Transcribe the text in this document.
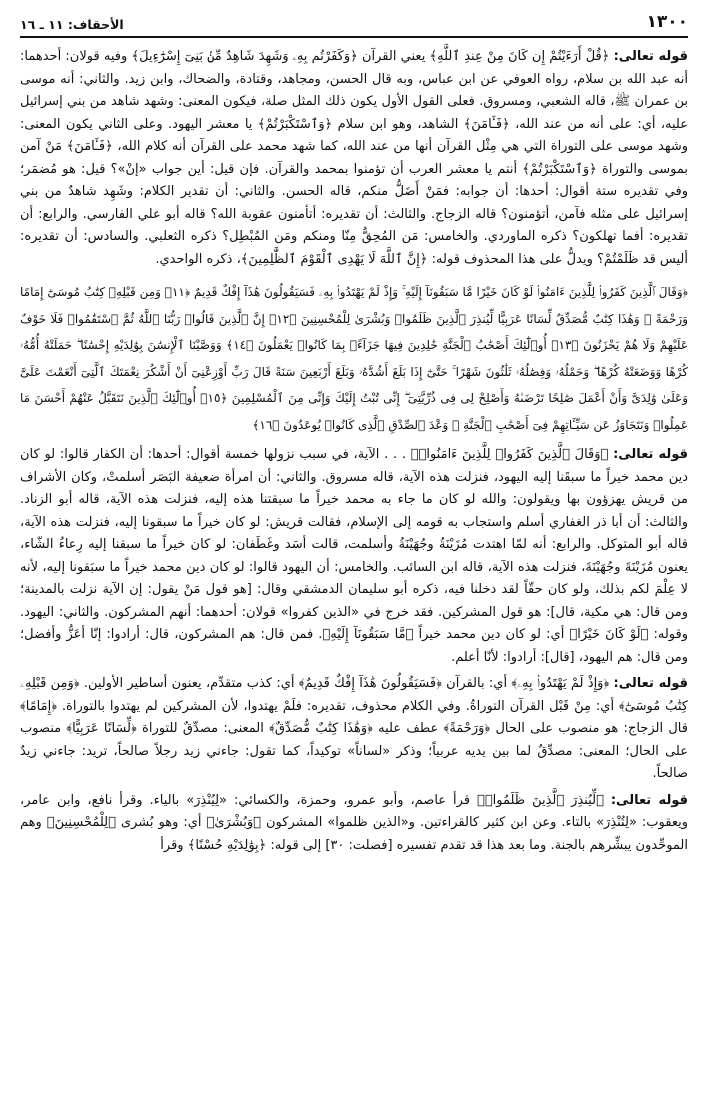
١٣٠٠
الأحقاف: ١١ ـ ١٦

قوله تعالى: ﴿قُلْ أَرَءَيْتُمْ إِن كَانَ مِنْ عِندِ ٱللَّهِ﴾ يعني القرآن ﴿وَكَفَرْتُم بِهِۦ وَشَهِدَ شَاهِدٌ مِّنۢ بَنِىٓ إِسْرَٰٓءِيلَ﴾ وفيه قولان: أحدهما: أنه عبد الله بن سلام، رواه العوفي عن ابن عباس، وبه قال الحسن، ومجاهد، وقتادة، والضحاك، وابن زيد. والثاني: أنه موسى بن عمران ﷺ، قاله الشعبي، ومسروق. فعلى القول الأول يكون ذلك المثل صلة، فيكون المعنى: وشهد شاهد من بني إسرائيل عليه، أي: على أنه من عند الله، ﴿فَـَٔامَنَ﴾ الشاهد، وهو ابن سلام ﴿وَٱسْتَكْبَرْتُمْ﴾ يا معشر اليهود. وعلى الثاني يكون المعنى: وشهد موسى على التوراة التي هي مِثْل القرآن أنها من عند الله، كما شهد محمد على القرآن أنه كلام الله، ﴿فَـَٔامَنَ﴾ مَنْ آمن بموسى والتوراة ﴿وَٱسْتَكْبَرْتُمْ﴾ أنتم يا معشر العرب أن تؤمنوا بمحمد والقرآن. فإن قيل: أين جواب «إنْ»؟ قيل: هو مُضمَر؛ وفي تقديره ستة أقوال: أحدها: أن جوابه: فمَنْ أَضَلُّ منكم، قاله الحسن. والثاني: أن تقدير الكلام: وشَهِد شاهدٌ من بني إسرائيل على مثله فآمن، أتؤمنون؟ قاله الزجاج. والثالث: أن تقديره: أتأمنون عقوبة الله؟ قاله أبو علي الفارسي. والرابع: أن تقديره: أفما تهلكون؟ ذكره الماوردي. والخامس: مَن المُحِقُّ مِنّا ومنكم ومَن المُبْطِل؟ ذكره الثعلبي. والسادس: أن تقديره: أليس قد ظَلَمْتُمْ؟ ويدلُّ على هذا المحذوف قوله: ﴿إِنَّ ٱللَّهَ لَا يَهْدِى ٱلْقَوْمَ ٱلظَّٰلِمِينَ﴾، ذكره الواحدي.

﴿وَقَالَ ٱلَّذِينَ كَفَرُوا۟ لِلَّذِينَ ءَامَنُوا۟ لَوْ كَانَ خَيْرًا مَّا سَبَقُونَآ إِلَيْهِ ۚ وَإِذْ لَمْ يَهْتَدُوا۟ بِهِۦ فَسَيَقُولُونَ هَٰذَآ إِفْكٌ قَدِيمٌ ﴿١١﴾ وَمِن قَبْلِهِۦ كِتَٰبُ مُوسَىٰٓ إِمَامًا وَرَحْمَةً ۚ وَهَٰذَا كِتَٰبٌ مُّصَدِّقٌ لِّسَانًا عَرَبِيًّا لِّيُنذِرَ ٱلَّذِينَ ظَلَمُوا۟ وَبُشْرَىٰ لِلْمُحْسِنِينَ ﴿١٢﴾ إِنَّ ٱلَّذِينَ قَالُوا۟ رَبُّنَا ٱللَّهُ ثُمَّ ٱسْتَقَٰمُوا۟ فَلَا خَوْفٌ عَلَيْهِمْ وَلَا هُمْ يَحْزَنُونَ ﴿١٣﴾ أُو۟لَٰٓئِكَ أَصْحَٰبُ ٱلْجَنَّةِ خَٰلِدِينَ فِيهَا جَزَآءًۢ بِمَا كَانُوا۟ يَعْمَلُونَ ﴿١٤﴾ وَوَصَّيْنَا ٱلْإِنسَٰنَ بِوَٰلِدَيْهِ إِحْسَٰنًا ۖ حَمَلَتْهُ أُمُّهُۥ كُرْهًا وَوَضَعَتْهُ كُرْهًا ۖ وَحَمْلُهُۥ وَفِصَٰلُهُۥ ثَلَٰثُونَ شَهْرًا ۚ حَتَّىٰٓ إِذَا بَلَغَ أَشُدَّهُۥ وَبَلَغَ أَرْبَعِينَ سَنَةً قَالَ رَبِّ أَوْزِعْنِىٓ أَنْ أَشْكُرَ نِعْمَتَكَ ٱلَّتِىٓ أَنْعَمْتَ عَلَىَّ وَعَلَىٰ وَٰلِدَىَّ وَأَنْ أَعْمَلَ صَٰلِحًا تَرْضَىٰهُ وَأَصْلِحْ لِى فِى ذُرِّيَّتِىٓ ۖ إِنِّى تُبْتُ إِلَيْكَ وَإِنِّى مِنَ ٱلْمُسْلِمِينَ ﴿١٥﴾ أُو۟لَٰٓئِكَ ٱلَّذِينَ نَتَقَبَّلُ عَنْهُمْ أَحْسَنَ مَا عَمِلُوا۟ وَنَتَجَاوَزُ عَن سَيِّـَٔاتِهِمْ فِىٓ أَصْحَٰبِ ٱلْجَنَّةِ ۖ وَعْدَ ٱلصِّدْقِ ٱلَّذِى كَانُوا۟ يُوعَدُونَ ﴿١٦﴾

قوله تعالى: ﴿وَقَالَ ٱلَّذِينَ كَفَرُوا۟ لِلَّذِينَ ءَامَنُوا۟﴾ . . . الآية، في سبب نزولها خمسة أقوال: أحدها: أن الكفار قالوا: لو كان دين محمد خيراً ما سبقَنا إليه اليهود، فنزلت هذه الآية، قاله مسروق. والثاني: أن امرأة ضعيفة البَصَر أسلمتْ، وكان الأشراف من قريش يهزؤون بها ويقولون: والله لو كان ما جاء به محمد خيراً ما سبقتنا هذه إليه، فنزلت هذه الآية، قاله أبو الزناد. والثالث: أن أبا ذر الغفاري أسلم واستجاب به قومه إلى الإسلام، فقالت قريش: لو كان خيراً ما سبقونا إليه، فنزلت هذه الآية، قاله أبو المتوكل. والرابع: أنه لمّا اهتدت مُزَيْنَةُ وجُهَيْنَةُ وأسلمت، قالت أسَد وغَطَفان: لو كان خيراً ما سبقنا إليه رِعاءُ الشّاء، يعنون مُزَيْنَةَ وجُهَيْنَةَ، فنزلت هذه الآية، قاله ابن السائب. والخامس: أن اليهود قالوا: لو كان دين محمد خيراً ما سبَقونا إليه، لأنه لا عِلْمَ لكم بذلك، ولو كان حقّاً لقد دخلنا فيه، ذكره أبو سليمان الدمشقي وقال: [هو قول مَنْ يقول: إن الآية نزلت بالمدينة؛ ومن قال: هي مكية، قال]: هو قول المشركين. فقد خرج في «الذين كفروا» قولان: أحدهما: أنهم المشركون. والثاني: اليهود. وقوله: ﴿لَوْ كَانَ خَيْرًا﴾ أي: لو كان دين محمد خيراً ﴿مَّا سَبَقُونَآ إِلَيْهِ﴾. فمن قال: هم المشركون، قال: أرادوا: إنّا أعَزُّ وأفضل؛ ومن قال: هم اليهود، [قال]: أرادوا: لأنّا أعلم.

قوله تعالى: ﴿وَإِذْ لَمْ يَهْتَدُوا۟ بِهِۦ﴾ أي: بالقرآن ﴿فَسَيَقُولُونَ هَٰذَآ إِفْكٌ قَدِيمٌ﴾ أي: كذب متقدِّم، يعنون أساطير الأولين. ﴿وَمِن قَبْلِهِۦ كِتَٰبُ مُوسَىٰٓ﴾ أي: مِنْ قَبْل القرآن التوراةُ. وفي الكلام محذوف، تقديره: فلَمْ يهتدوا، لأن المشركين لم يهتدوا بالتوراة. ﴿إِمَامًا﴾ قال الزجاج: هو منصوب على الحال ﴿وَرَحْمَةً﴾ عطف عليه ﴿وَهَٰذَا كِتَٰبٌ مُّصَدِّقٌ﴾ المعنى: مصدِّقٌ للتوراة ﴿لِّسَانًا عَرَبِيًّا﴾ منصوب على الحال؛ المعنى: مصدِّقٌ لما بين يديه عربياً؛ وذكر «لساناً» توكيداً، كما تقول: جاءني زيد رجلاً صالحاً، تريد: جاءني زيدٌ صالحاً.

قوله تعالى: ﴿لِّيُنذِرَ ٱلَّذِينَ ظَلَمُوا۟﴾ قرأ عاصم، وأبو عمرو، وحمزة، والكسائي: «لِيُنْذِرَ» بالياء. وقرأ نافع، وابن عامر، ويعقوب: «لِتُنْذِرَ» بالتاء. وعن ابن كثير كالقراءتين. و«الذين ظلموا» المشركون ﴿وَبُشْرَىٰ﴾ أي: وهو بُشرى ﴿لِلْمُحْسِنِينَ﴾ وهم الموحِّدون يبشِّرهم بالجنة. وما بعد هذا قد تقدم تفسيره [فصلت: ٣٠] إلى قوله: ﴿بِوَٰلِدَيْهِ حُسْنًا﴾ وقرأ
